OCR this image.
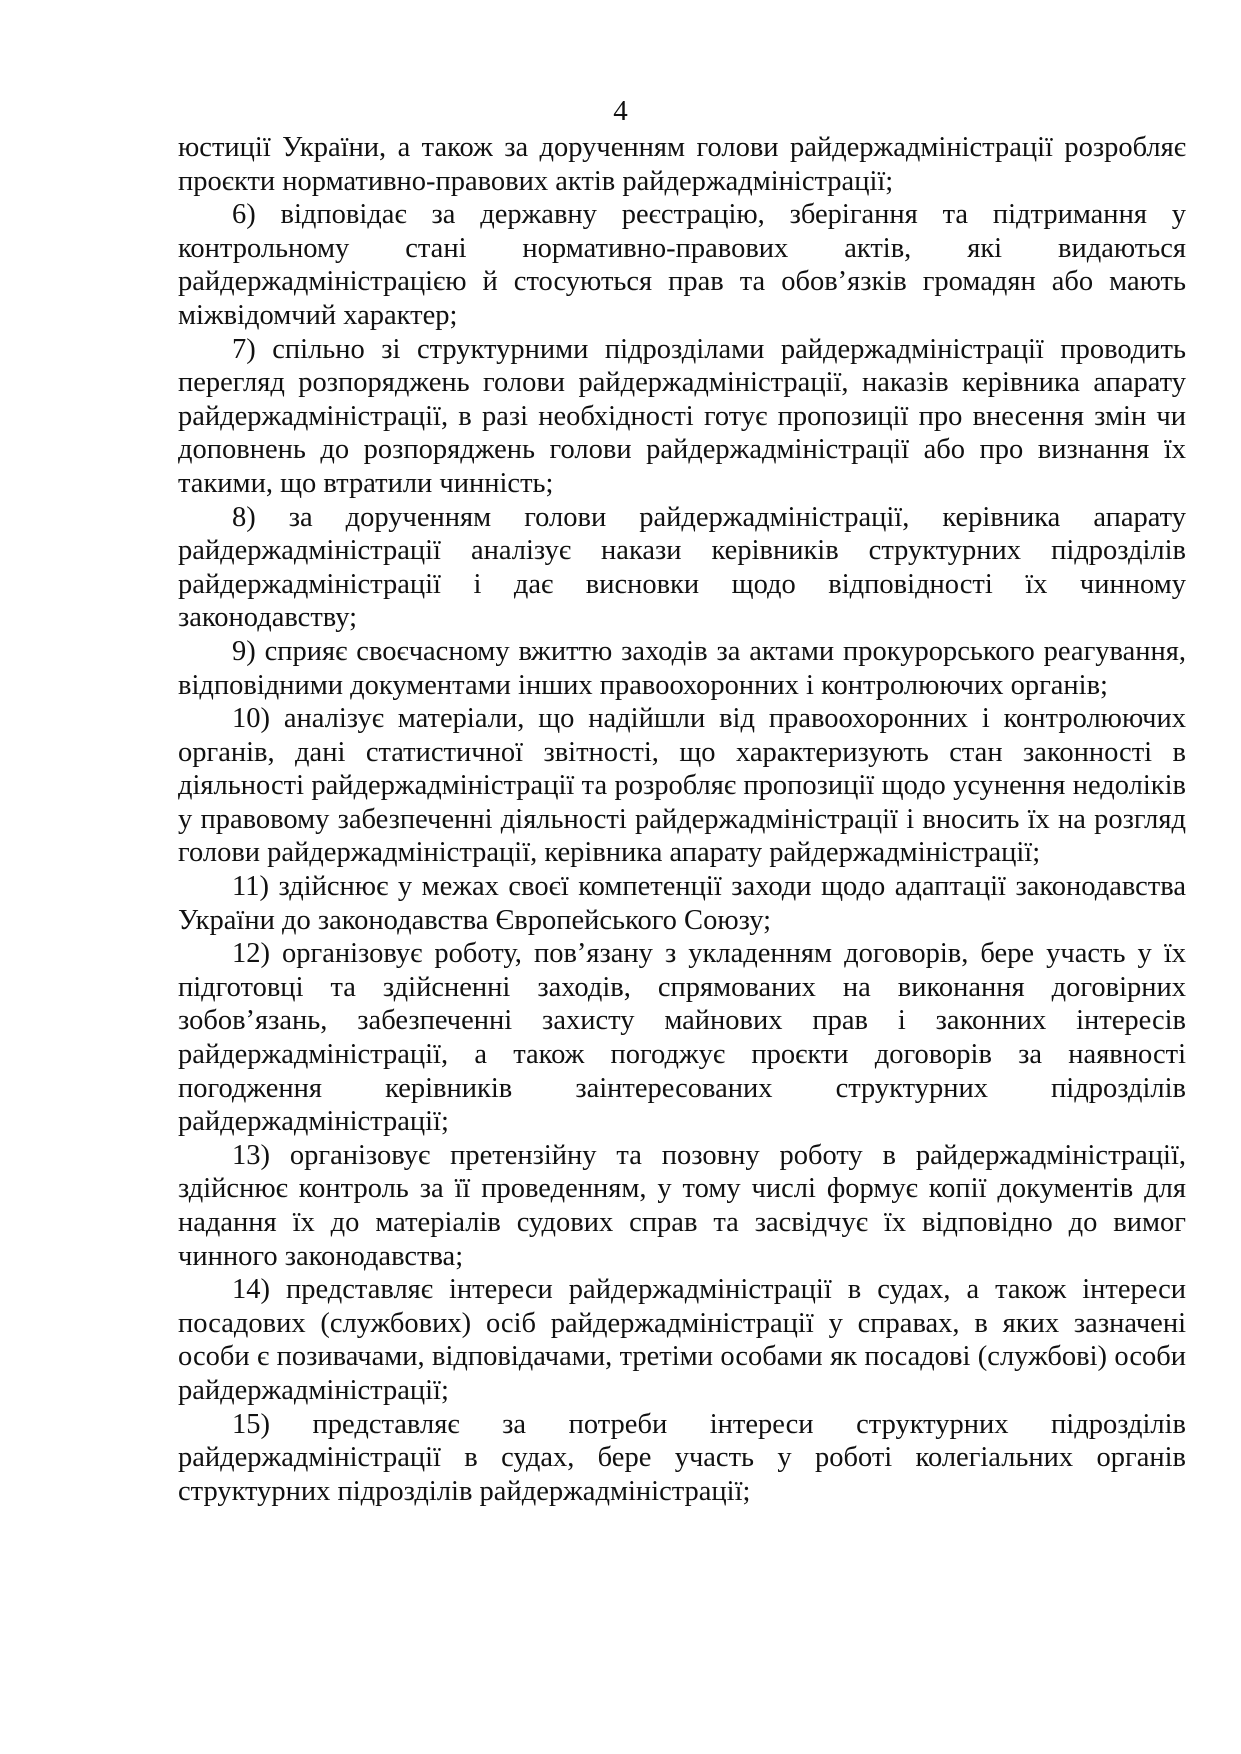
4

юстиції України, а також за дорученням голови райдержадміністрації розробляє проєкти нормативно-правових актів райдержадміністрації;

6) відповідає за державну реєстрацію, зберігання та підтримання у контрольному стані нормативно-правових актів, які видаються райдержадміністрацією й стосуються прав та обов’язків громадян або мають міжвідомчий характер;

7) спільно зі структурними підрозділами райдержадміністрації проводить перегляд розпоряджень голови райдержадміністрації, наказів керівника апарату райдержадміністрації, в разі необхідності готує пропозиції про внесення змін чи доповнень до розпоряджень голови райдержадміністрації або про визнання їх такими, що втратили чинність;

8) за дорученням голови райдержадміністрації, керівника апарату райдержадміністрації аналізує накази керівників структурних підрозділів райдержадміністрації і дає висновки щодо відповідності їх чинному законодавству;

9) сприяє своєчасному вжиттю заходів за актами прокурорського реагування, відповідними документами інших правоохоронних і контролюючих органів;

10) аналізує матеріали, що надійшли від правоохоронних і контролюючих органів, дані статистичної звітності, що характеризують стан законності в діяльності райдержадміністрації та розробляє пропозиції щодо усунення недоліків у правовому забезпеченні діяльності райдержадміністрації і вносить їх на розгляд голови райдержадміністрації, керівника апарату райдержадміністрації;

11) здійснює у межах своєї компетенції заходи щодо адаптації законодавства України до законодавства Європейського Союзу;

12) організовує роботу, пов’язану з укладенням договорів, бере участь у їх підготовці та здійсненні заходів, спрямованих на виконання договірних зобов’язань, забезпеченні захисту майнових прав і законних інтересів райдержадміністрації, а також погоджує проєкти договорів за наявності погодження керівників заінтересованих структурних підрозділів райдержадміністрації;

13) організовує претензійну та позовну роботу в райдержадміністрації, здійснює контроль за її проведенням, у тому числі формує копії документів для надання їх до матеріалів судових справ та засвідчує їх відповідно до вимог чинного законодавства;

14) представляє інтереси райдержадміністрації в судах, а також інтереси посадових (службових) осіб райдержадміністрації у справах, в яких зазначені особи є позивачами, відповідачами, третіми особами як посадові (службові) особи райдержадміністрації;

15) представляє за потреби інтереси структурних підрозділів райдержадміністрації в судах, бере участь у роботі колегіальних органів структурних підрозділів райдержадміністрації;
